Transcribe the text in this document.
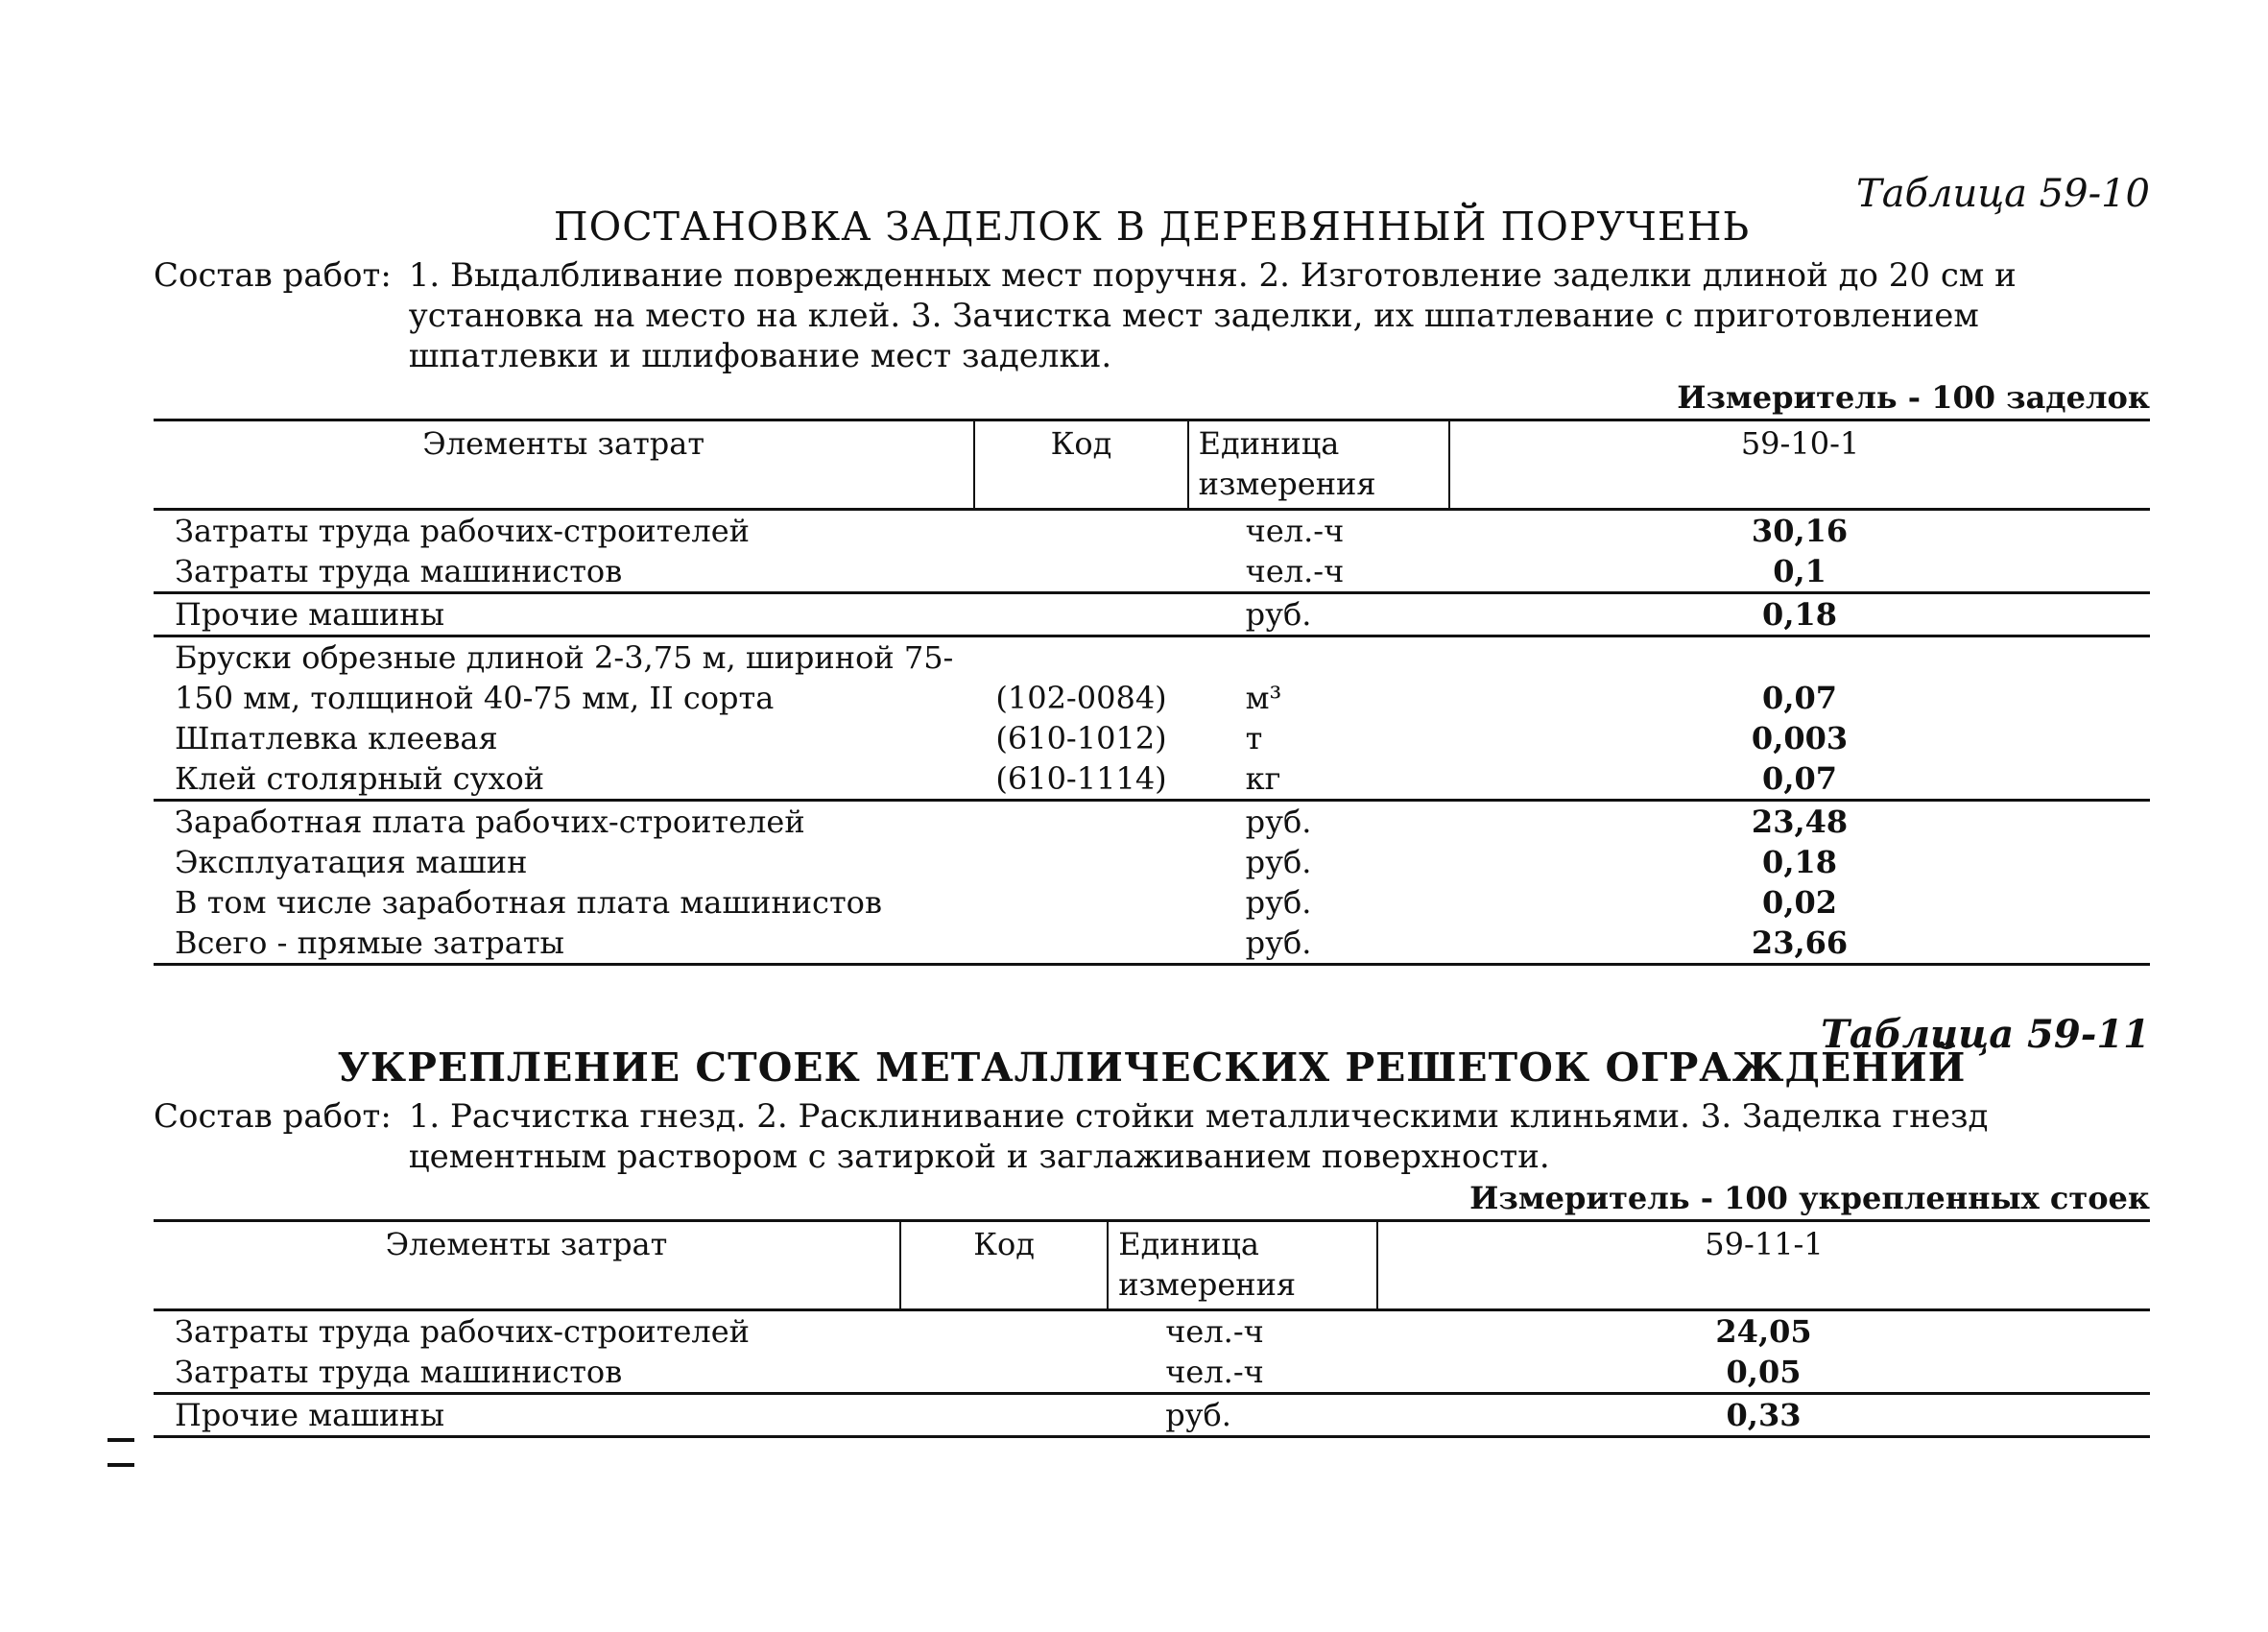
Таблица 59-10
ПОСТАНОВКА ЗАДЕЛОК В ДЕРЕВЯННЫЙ ПОРУЧЕНЬ
Состав работ: 1. Выдалбливание поврежденных мест поручня. 2. Изготовление заделки длиной до 20 см и установка на место на клей. 3. Зачистка мест заделки, их шпатлевание с приготовлением шпатлевки и шлифование мест заделки.
Измеритель - 100 заделок
Элементы затрат	Код	Единица измерения	59-10-1
Затраты труда рабочих-строителей		чел.-ч	30,16
Затраты труда машинистов		чел.-ч	0,1
Прочие машины		руб.	0,18
Бруски обрезные длиной 2-3,75 м, шириной 75-			
150 мм, толщиной 40-75 мм, II сорта	(102-0084)	м³	0,07
Шпатлевка клеевая	(610-1012)	т	0,003
Клей столярный сухой	(610-1114)	кг	0,07
Заработная плата рабочих-строителей		руб.	23,48
Эксплуатация машин		руб.	0,18
В том числе заработная плата машинистов		руб.	0,02
Всего - прямые затраты		руб.	23,66
Таблица 59-11
УКРЕПЛЕНИЕ СТОЕК МЕТАЛЛИЧЕСКИХ РЕШЕТОК ОГРАЖДЕНИЙ
Состав работ: 1. Расчистка гнезд. 2. Расклинивание стойки металлическими клиньями. 3. Заделка гнезд цементным раствором с затиркой и заглаживанием поверхности.
Измеритель - 100 укрепленных стоек
Элементы затрат	Код	Единица измерения	59-11-1
Затраты труда рабочих-строителей		чел.-ч	24,05
Затраты труда машинистов		чел.-ч	0,05
Прочие машины		руб.	0,33
